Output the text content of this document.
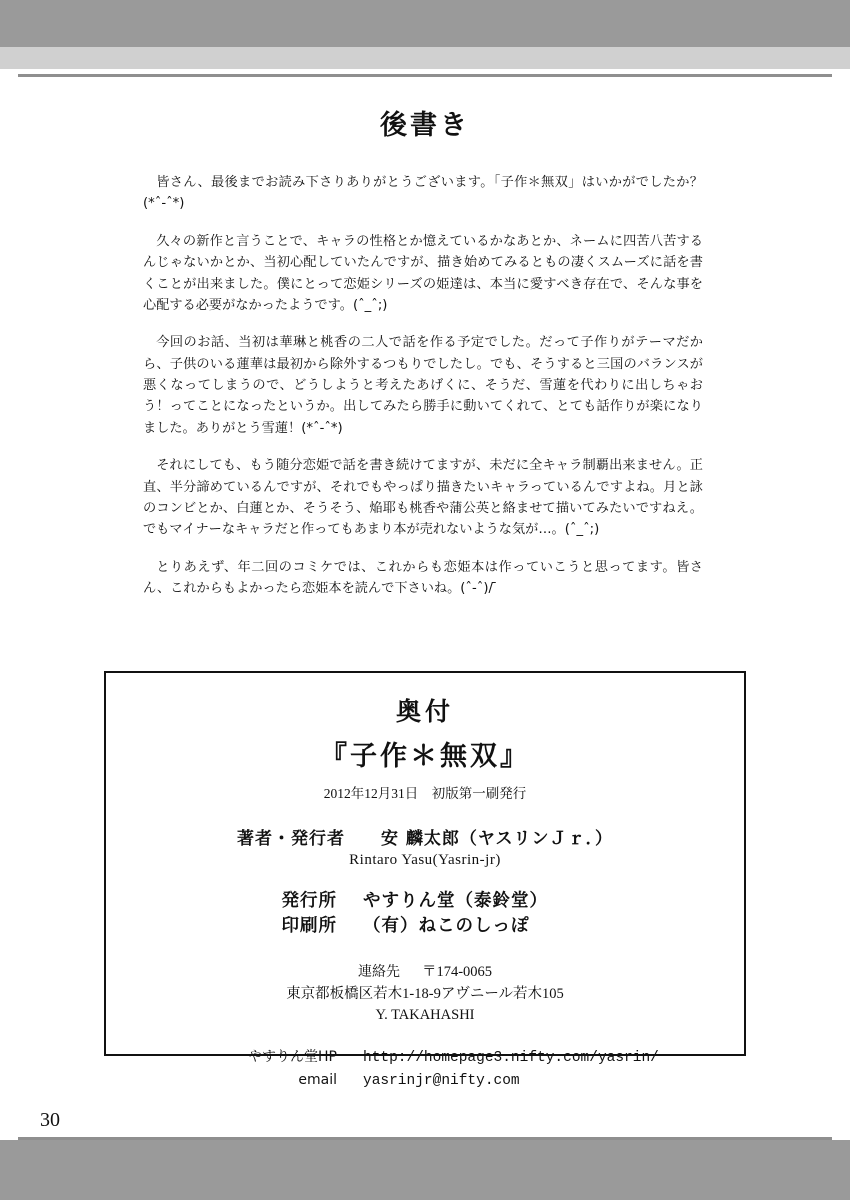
後書き

皆さん、最後までお読み下さりありがとうございます。「子作＊無双」はいかがでしたか？(*ˆ-ˆ*)

久々の新作と言うことで、キャラの性格とか憶えているかなあとか、ネームに四苦八苦するんじゃないかとか、当初心配していたんですが、描き始めてみるともの凄くスムーズに話を書くことが出来ました。僕にとって恋姫シリーズの姫達は、本当に愛すべき存在で、そんな事を心配する必要がなかったようです。(ˆ_ˆ;)

今回のお話、当初は華琳と桃香の二人で話を作る予定でした。だって子作りがテーマだから、子供のいる蓮華は最初から除外するつもりでしたし。でも、そうすると三国のバランスが悪くなってしまうので、どうしようと考えたあげくに、そうだ、雪蓮を代わりに出しちゃおう！ってことになったというか。出してみたら勝手に動いてくれて、とても話作りが楽になりました。ありがとう雪蓮！(*ˆ-ˆ*)

それにしても、もう随分恋姫で話を書き続けてますが、未だに全キャラ制覇出来ません。正直、半分諦めているんですが、それでもやっぱり描きたいキャラっているんですよね。月と詠のコンビとか、白蓮とか、そうそう、焔耶も桃香や蒲公英と絡ませて描いてみたいですねえ。でもマイナーなキャラだと作ってもあまり本が売れないような気が…。(ˆ_ˆ;)

とりあえず、年二回のコミケでは、これからも恋姫本は作っていこうと思ってます。皆さん、これからもよかったら恋姫本を読んで下さいね。(ˆ-ˆ)/ ̄

奥付
『子作＊無双』
2012年12月31日　初版第一刷発行
著者・発行者　　安 麟太郎（ヤスリンＪｒ．）
Rintaro Yasu(Yasrin-jr)
発行所	やすりん堂（泰鈴堂）
印刷所	（有）ねこのしっぽ
連絡先 〒174-0065
東京都板橋区若木1-18-9アヴニール若木105
Y. TAKAHASHI
やすりん堂HP	http://homepage3.nifty.com/yasrin/
email	yasrinjr@nifty.com
30
